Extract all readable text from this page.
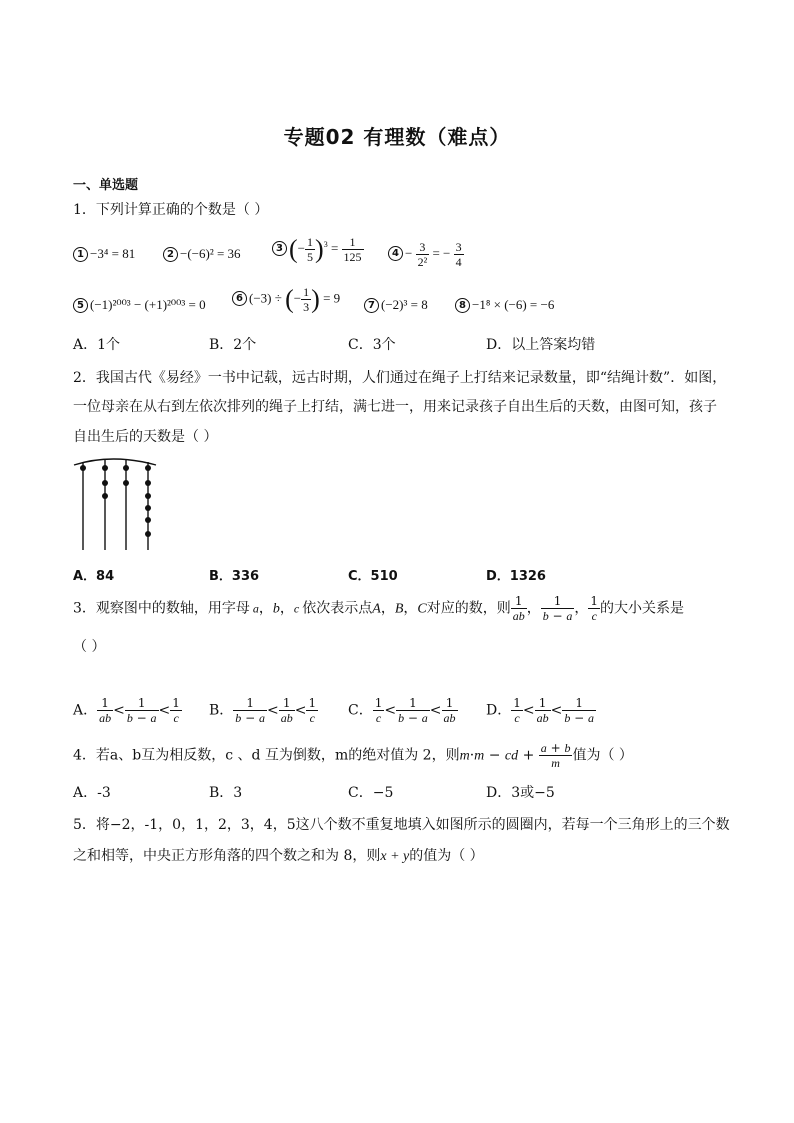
专题02 有理数（难点）
一、单选题
1．下列计算正确的个数是（ ）
1 −3⁴ = 81	2 −(−6)² = 36	3 (− $\frac{1}{5} )^3 = \frac{1}{125}$	$4 - \frac{3}{\text{2²}}$ = − $\frac{3}{4}$
5 (−1)²⁰⁰³ − (+1)²⁰⁰³ = 0	6 (−3) ÷ (− $\frac{1}{3}$ ) = 9
7 (−2)³ = 8	8 −1⁸ × (−6) = −6
A．1个	B．2个	C．3个	D．以上答案均错
2．我国古代《易经》一书中记载，远古时期，人们通过在绳子上打结来记录数量，即“结绳计数”．如图，
一位母亲在从右到左依次排列的绳子上打结，满七进一，用来记录孩子自出生后的天数，由图可知，孩子
自出生后的天数是（ ）
A．84	B．336	C．510	D．1326
3．观察图中的数轴，用字母 a，b，c 依次表示点A，B，C对应的数，则 $\frac{1}{ab}$ ， $\frac{1}{b - a}$ ， $\frac{1}{c}$ 的大小关系是
（ ）
A． $\frac{1}{ab} < \frac{1}{b - a} < \frac{1}{c}$ B． $\frac{1}{b - a} < \frac{1}{ab} < \frac{1}{c}$ C． $\frac{1}{c} < \frac{1}{b - a} < \frac{1}{ab}$ D． $\frac{1}{c} < \frac{1}{ab} < \frac{1}{b - a}$
4．若a、b互为相反数，c 、d 互为倒数，m的绝对值为 2，则m·m − cd + $\frac{a + b}{m}$ 值为（ ）
A．-3	B．3	C．−5	D．3或−5
5．将−2，-1，0，1，2，3，4，5这八个数不重复地填入如图所示的圆圈内，若每一个三角形上的三个数
之和相等，中央正方形角落的四个数之和为 8，则x + y的值为（ ）
